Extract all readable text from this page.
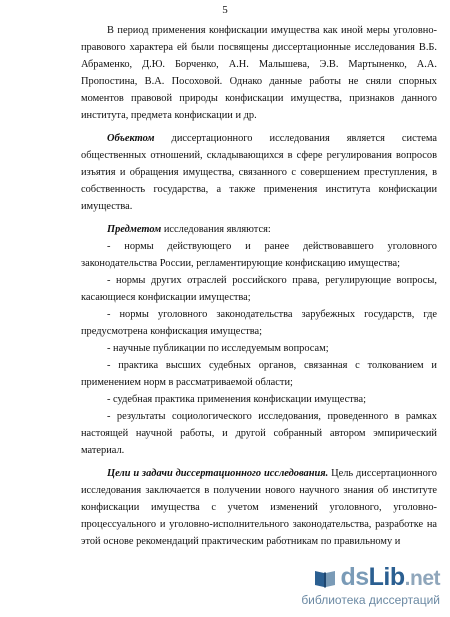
5

В период применения конфискации имущества как иной меры уголовно-правового характера ей были посвящены диссертационные исследования В.Б. Абраменко, Д.Ю. Борченко, А.Н. Малышева, Э.В. Мартыненко, А.А. Пропостина, В.А. Посоховой. Однако данные работы не сняли спорных моментов правовой природы конфискации имущества, признаков данного института, предмета конфискации и др.

Объектом диссертационного исследования является система общественных отношений, складывающихся в сфере регулирования вопросов изъятия и обращения имущества, связанного с совершением преступления, в собственность государства, а также применения института конфискации имущества.

Предметом исследования являются:

- нормы действующего и ранее действовавшего уголовного законодательства России, регламентирующие конфискацию имущества;

- нормы других отраслей российского права, регулирующие вопросы, касающиеся конфискации имущества;

- нормы уголовного законодательства зарубежных государств, где предусмотрена конфискация имущества;

- научные публикации по исследуемым вопросам;

- практика высших судебных органов, связанная с толкованием и применением норм в рассматриваемой области;

- судебная практика применения конфискации имущества;

- результаты социологического исследования, проведенного в рамках настоящей научной работы, и другой собранный автором эмпирический материал.

Цели и задачи диссертационного исследования. Цель диссертационного исследования заключается в получении нового научного знания об институте конфискации имущества с учетом изменений уголовного, уголовно-процессуального и уголовно-исполнительного законодательства, разработке на этой основе рекомендаций практическим работникам по правильному и

dsLib.net
библиотека диссертаций
